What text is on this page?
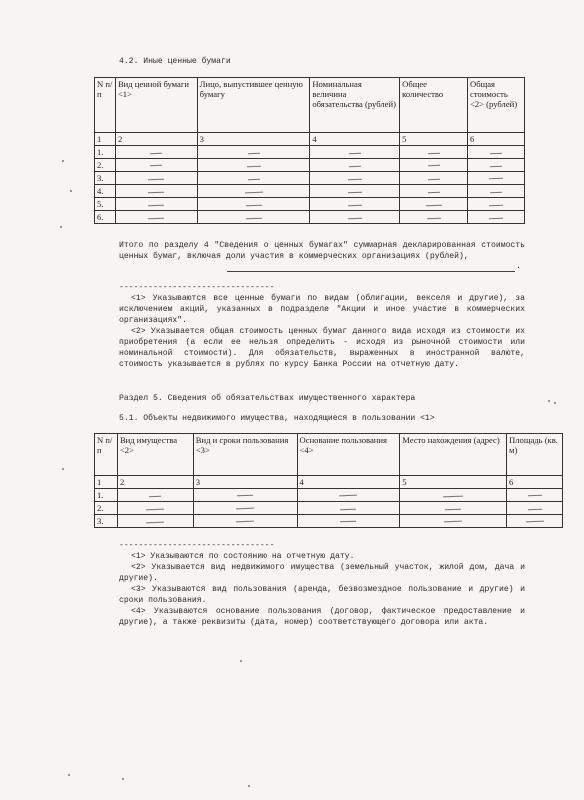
4.2. Иные ценные бумаги
N п/п	Вид ценной бумаги <1>	Лицо, выпустившее ценную бумагу	Номинальная величина обязательства (рублей)	Общее количество	Общая стоимость <2> (рублей)
1	2	3	4	5	6
1.	

2.	

3.	

4.	

5.	

6.	

Итого по разделу 4 "Сведения о ценных бумагах" суммарная декларированная стоимость ценных бумаг, включая доли участия в коммерческих организациях (рублей),
.
--------------------------------
<1> Указываются все ценные бумаги по видам (облигации, векселя и другие), за исключением акций, указанных в подразделе "Акции и иное участие в коммерческих организациях".
<2> Указывается общая стоимость ценных бумаг данного вида исходя из стоимости их приобретения (а если ее нельзя определить - исходя из рыночной стоимости или номинальной стоимости). Для обязательств, выраженных в иностранной валюте, стоимость указывается в рублях по курсу Банка России на отчетную дату.
Раздел 5. Сведения об обязательствах имущественного характера
5.1. Объекты недвижимого имущества, находящиеся в пользовании <1>
N п/п	Вид имущества <2>	Вид и сроки пользования <3>	Основание пользования <4>	Место нахождения (адрес)	Площадь (кв. м)
1	2	3	4	5	6
1.	

2.	

3.	

--------------------------------
<1> Указываются по состоянию на отчетную дату.
<2> Указывается вид недвижимого имущества (земельный участок, жилой дом, дача и другие).
<3> Указываются вид пользования (аренда, безвозмездное пользование и другие) и сроки пользования.
<4> Указываются основание пользования (договор, фактическое предоставление и другие), а также реквизиты (дата, номер) соответствующего договора или акта.
